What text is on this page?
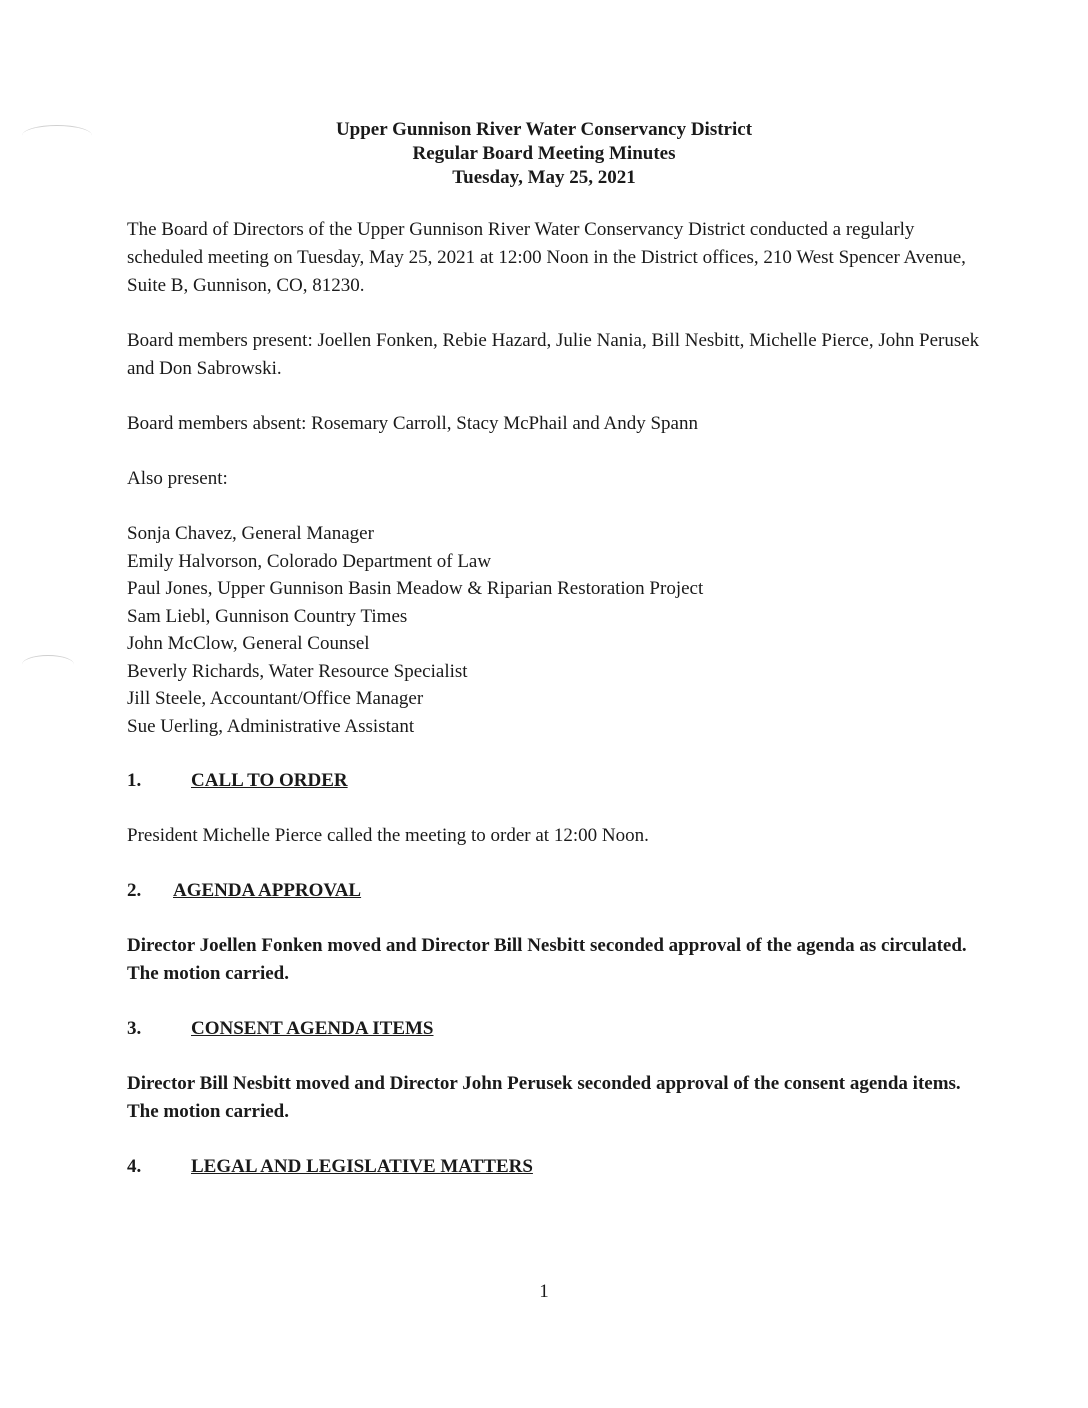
Upper Gunnison River Water Conservancy District
Regular Board Meeting Minutes
Tuesday, May 25, 2021

The Board of Directors of the Upper Gunnison River Water Conservancy District conducted a regularly scheduled meeting on Tuesday, May 25, 2021 at 12:00 Noon in the District offices, 210 West Spencer Avenue, Suite B, Gunnison, CO, 81230.

Board members present: Joellen Fonken, Rebie Hazard, Julie Nania, Bill Nesbitt, Michelle Pierce, John Perusek and Don Sabrowski.

Board members absent: Rosemary Carroll, Stacy McPhail and Andy Spann

Also present:

Sonja Chavez, General Manager
Emily Halvorson, Colorado Department of Law
Paul Jones, Upper Gunnison Basin Meadow & Riparian Restoration Project
Sam Liebl, Gunnison Country Times
John McClow, General Counsel
Beverly Richards, Water Resource Specialist
Jill Steele, Accountant/Office Manager
Sue Uerling, Administrative Assistant
1.	CALL TO ORDER

President Michelle Pierce called the meeting to order at 12:00 Noon.

2. AGENDA APPROVAL

Director Joellen Fonken moved and Director Bill Nesbitt seconded approval of the agenda as circulated. The motion carried.

3.	CONSENT AGENDA ITEMS

Director Bill Nesbitt moved and Director John Perusek seconded approval of the consent agenda items. The motion carried.

4.	LEGAL AND LEGISLATIVE MATTERS
1
